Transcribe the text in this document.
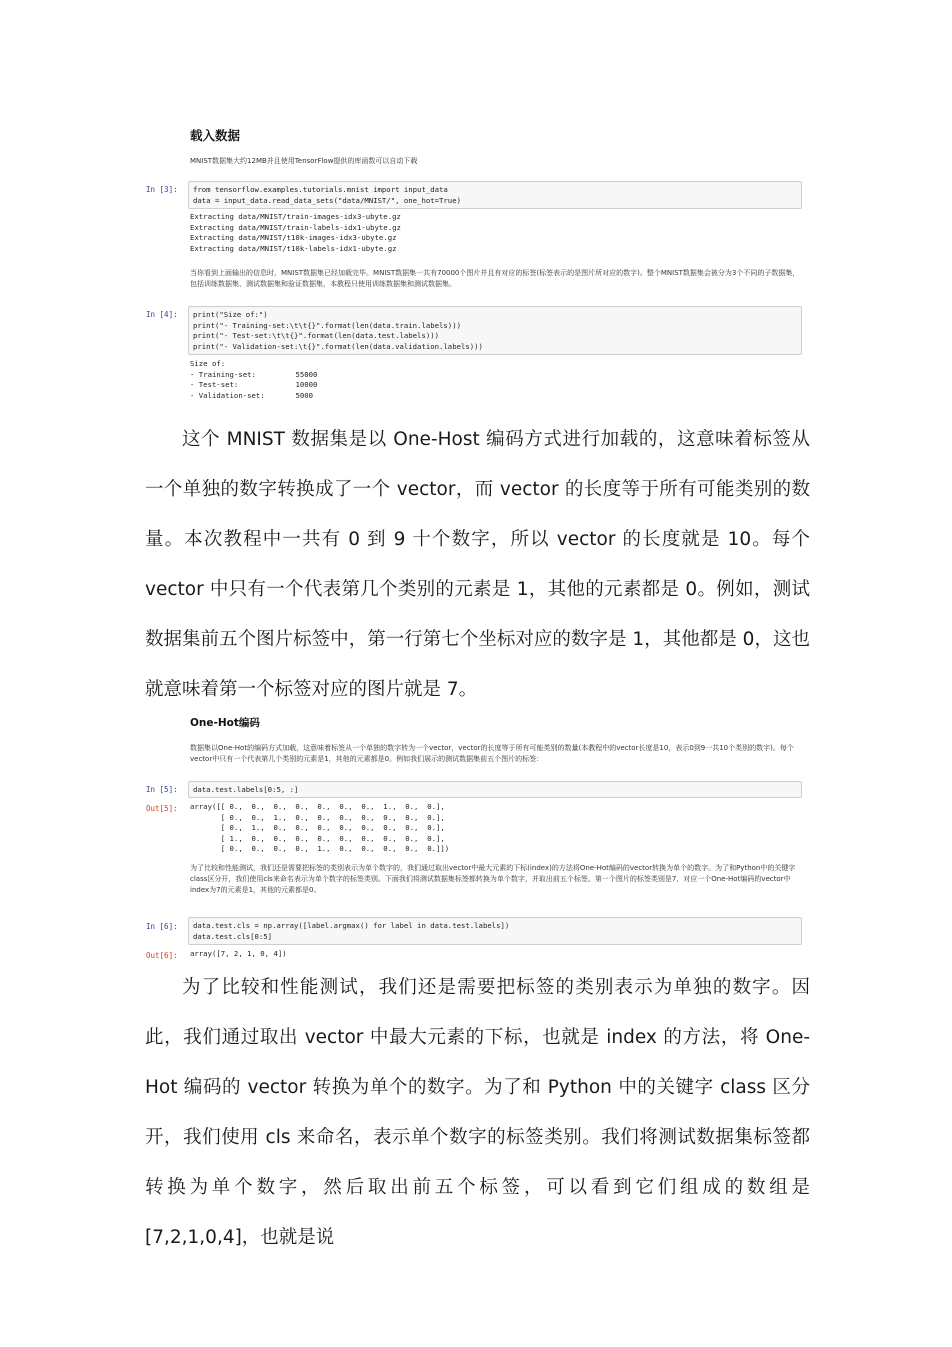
载入数据
MNIST数据集大约12MB并且使用TensorFlow提供的库函数可以自动下载
In [3]:	from tensorflow.examples.tutorials.mnist import input_data
data = input_data.read_data_sets("data/MNIST/", one_hot=True)
Extracting data/MNIST/train-images-idx3-ubyte.gz
Extracting data/MNIST/train-labels-idx1-ubyte.gz
Extracting data/MNIST/t10k-images-idx3-ubyte.gz
Extracting data/MNIST/t10k-labels-idx1-ubyte.gz
当你看到上面输出的信息时，MNIST数据集已经加载完毕。MNIST数据集一共有70000个图片并且有对应的标签(标签表示的是图片所对应的数字)。整个MNIST数据集会被分为3个不同的子数据集，包括训练数据集、测试数据集和验证数据集，本教程只使用训练数据集和测试数据集。
In [4]:	print("Size of:")
print("- Training-set:\t\t{}".format(len(data.train.labels)))
print("- Test-set:\t\t{}".format(len(data.test.labels)))
print("- Validation-set:\t{}".format(len(data.validation.labels)))
Size of:
- Training-set:		55000
- Test-set:		10000
- Validation-set:	5000
这个 MNIST 数据集是以 One-Host 编码方式进行加载的，这意味着标签从一个单独的数字转换成了一个 vector，而 vector 的长度等于所有可能类别的数量。本次教程中一共有 0 到 9 十个数字，所以 vector 的长度就是 10。每个 vector 中只有一个代表第几个类别的元素是 1，其他的元素都是 0。例如，测试数据集前五个图片标签中，第一行第七个坐标对应的数字是 1，其他都是 0，这也就意味着第一个标签对应的图片就是 7。
One-Hot编码
数据集以One-Hot的编码方式加载，这意味着标签从一个单独的数字转为一个vector，vector的长度等于所有可能类别的数量(本教程中的vector长度是10，表示0到9一共10个类别的数字)。每个vector中只有一个代表第几个类别的元素是1，其他的元素都是0。例如我们展示的测试数据集前五个图片的标签：
In [5]:	data.test.labels[0:5, :]
Out[5]:	array([[ 0.,  0.,  0.,  0.,  0.,  0.,  0.,  1.,  0.,  0.],
[ 0.,  0.,  1.,  0.,  0.,  0.,  0.,  0.,  0.,  0.],
[ 0.,  1.,  0.,  0.,  0.,  0.,  0.,  0.,  0.,  0.],
[ 1.,  0.,  0.,  0.,  0.,  0.,  0.,  0.,  0.,  0.],
[ 0.,  0.,  0.,  0.,  1.,  0.,  0.,  0.,  0.,  0.]])
为了比较和性能测试，我们还是需要把标签的类别表示为单个数字的，我们通过取出vector中最大元素的下标(index)的方法将One-Hot编码的vector转换为单个的数字。为了和Python中的关键字class区分开，我们使用cls来命名表示为单个数字的标签类别。下面我们将测试数据集标签都转换为单个数字，并取出前五个标签。第一个图片的标签类别是7，对应一个One-Hot编码的vector中index为7的元素是1，其他的元素都是0。
In [6]:	data.test.cls = np.array([label.argmax() for label in data.test.labels])
data.test.cls[0:5]
Out[6]:	array([7, 2, 1, 0, 4])
为了比较和性能测试，我们还是需要把标签的类别表示为单独的数字。因此，我们通过取出 vector 中最大元素的下标，也就是 index 的方法，将 One-Hot 编码的 vector 转换为单个的数字。为了和 Python 中的关键字 class 区分开，我们使用 cls 来命名，表示单个数字的标签类别。我们将测试数据集标签都转换为单个数字，然后取出前五个标签，可以看到它们组成的数组是[7,2,1,0,4]，也就是说
